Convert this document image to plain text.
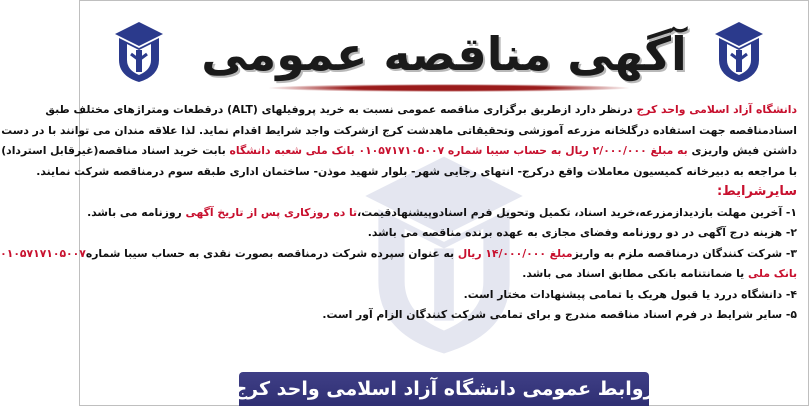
آگهی مناقصه عمومی
دانشگاه آزاد اسلامی واحد کرج درنظر دارد ازطریق برگزاری مناقصه عمومی نسبت به خرید پروفیلهای (ALT) درقطعات ومترا‌ژهای مختلف طبق
اسنادمناقصه جهت استفاده درگلخانه مزرعه آموزشی وتحقیقاتی ماهدشت کرج ازشرکت واجد شرایط اقدام نماید. لذا علاقه مندان می توانند با در دست
داشتن فیش واریزی به مبلغ ۲/۰۰۰/۰۰۰ ریال به حساب سیبا شماره ۰۱۰۵۷۱۷۱۰۵۰۰۷ بانک ملی شعبه دانشگاه بابت خرید اسناد مناقصه(غیرقابل استرداد)
با مراجعه به دبیرخانه کمیسیون معاملات واقع درکرج- انتهای رجایی شهر- بلوار شهید موذن- ساختمان اداری طبقه سوم درمناقصه شرکت نمایند.
سایرشرایط:
۱- آخرین مهلت بازدیدازمزرعه،خرید اسناد، تکمیل وتحویل فرم اسنادوپیشنهادقیمت،تا ده روزکاری پس از تاریخ آگهی روزنامه می باشد.
۲- هزینه درج آگهی در دو روزنامه وفضای مجازی به عهده برنده مناقصه می باشد.
۳- شرکت کنندگان درمناقصه ملزم به واریزمبلغ ۱۴/۰۰۰/۰۰۰ ریال به عنوان سپرده شرکت درمناقصه بصورت نقدی به حساب سیبا شماره۰۱۰۵۷۱۷۱۰۵۰۰۷
بانک ملی یا ضمانتنامه بانکی مطابق اسناد می باشد.
۴- دانشگاه دررد یا قبول هریک یا تمامی پیشنهادات مختار است.
۵- سایر شرایط در فرم اسناد مناقصه مندرج و برای تمامی شرکت کنندگان الزام آور است.
روابط عمومی دانشگاه آزاد اسلامی واحد کرج
